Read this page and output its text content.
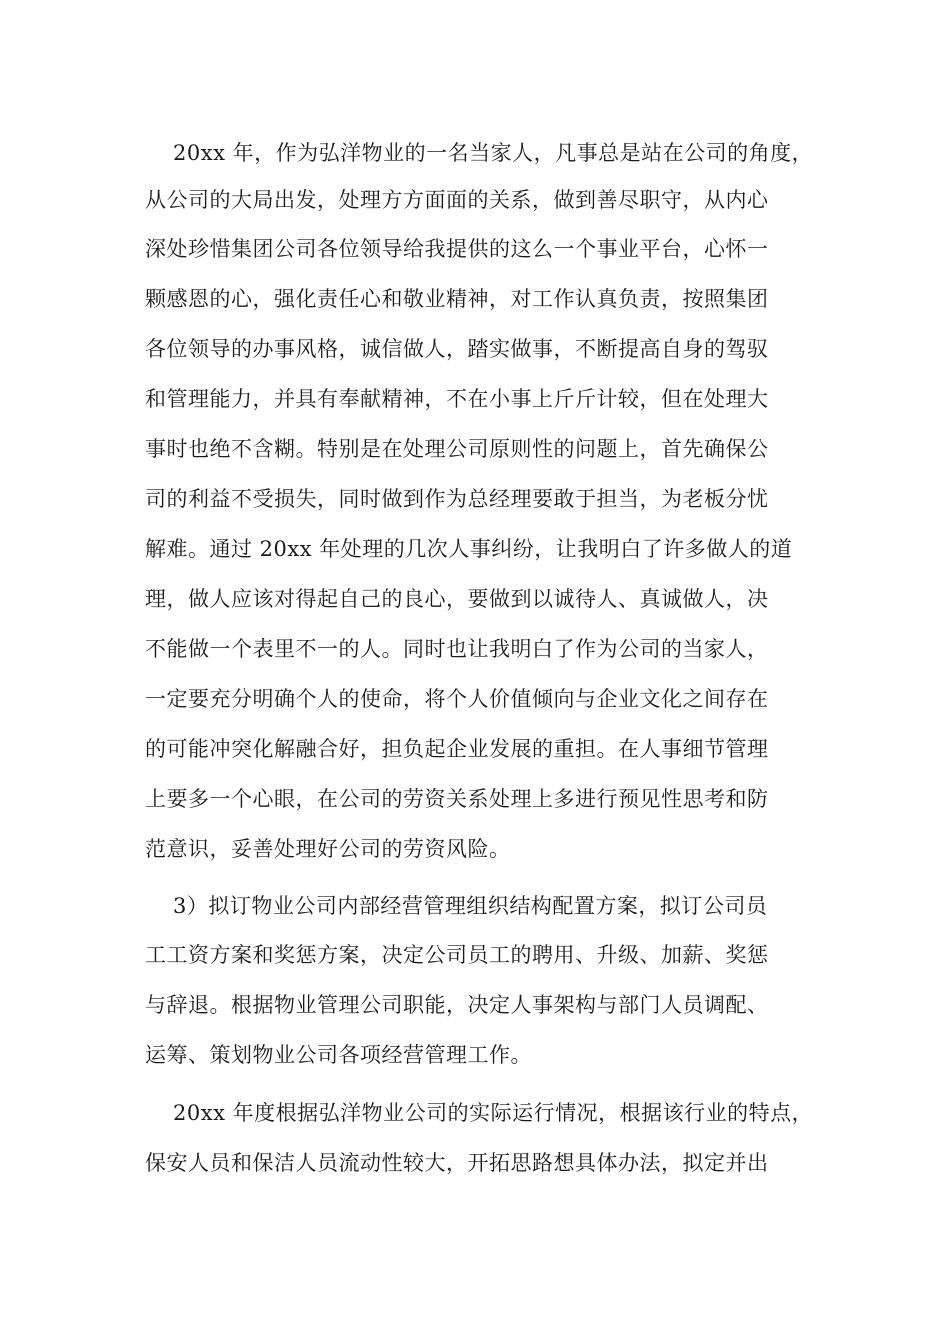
20xx 年，作为弘洋物业的一名当家人，凡事总是站在公司的角度，
从公司的大局出发，处理方方面面的关系，做到善尽职守，从内心
深处珍惜集团公司各位领导给我提供的这么一个事业平台，心怀一
颗感恩的心，强化责任心和敬业精神，对工作认真负责，按照集团
各位领导的办事风格，诚信做人，踏实做事，不断提高自身的驾驭
和管理能力，并具有奉献精神，不在小事上斤斤计较，但在处理大
事时也绝不含糊。特别是在处理公司原则性的问题上，首先确保公
司的利益不受损失，同时做到作为总经理要敢于担当，为老板分忧
解难。通过 20xx 年处理的几次人事纠纷，让我明白了许多做人的道
理，做人应该对得起自己的良心，要做到以诚待人、真诚做人，决
不能做一个表里不一的人。同时也让我明白了作为公司的当家人，
一定要充分明确个人的使命，将个人价值倾向与企业文化之间存在
的可能冲突化解融合好，担负起企业发展的重担。在人事细节管理
上要多一个心眼，在公司的劳资关系处理上多进行预见性思考和防
范意识，妥善处理好公司的劳资风险。
3）拟订物业公司内部经营管理组织结构配置方案，拟订公司员
工工资方案和奖惩方案，决定公司员工的聘用、升级、加薪、奖惩
与辞退。根据物业管理公司职能，决定人事架构与部门人员调配、
运筹、策划物业公司各项经营管理工作。
20xx 年度根据弘洋物业公司的实际运行情况，根据该行业的特点，
保安人员和保洁人员流动性较大，开拓思路想具体办法，拟定并出
